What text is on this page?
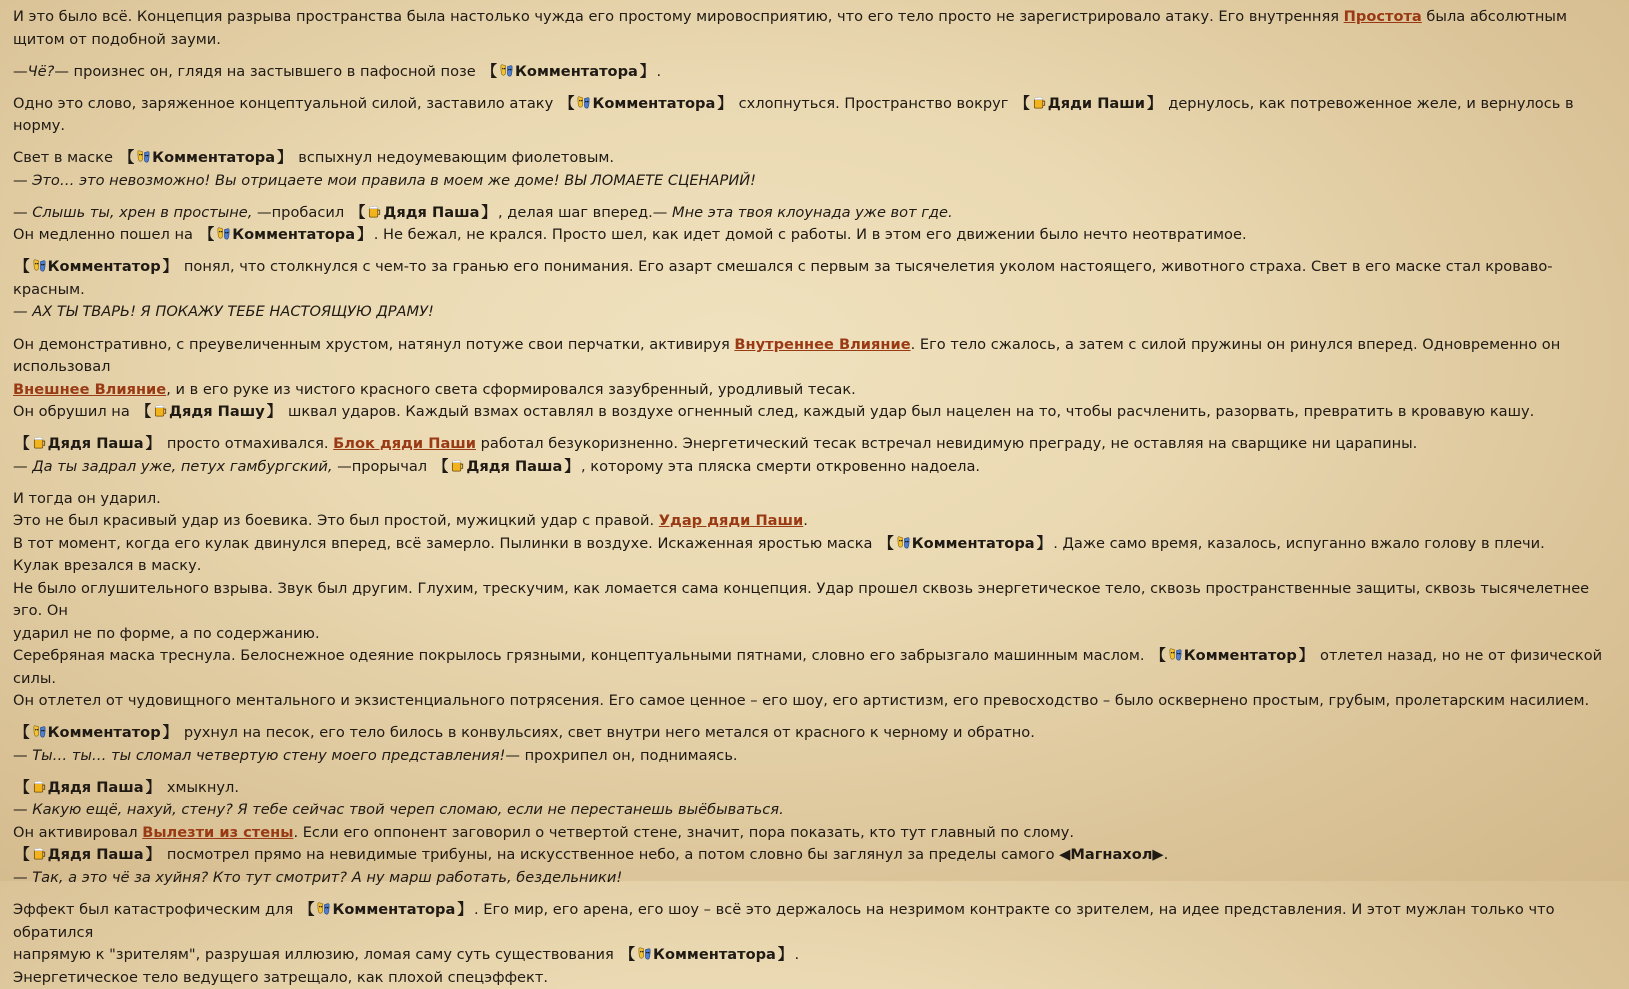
И это было всё. Концепция разрыва пространства была настолько чужда его простому мировосприятию, что его тело просто не зарегистрировало атаку. Его внутренняя Простота была абсолютным щитом от подобной зауми.

—Чё?— произнес он, глядя на застывшего в пафосной позе 【 Комментатора 】 .

Одно это слово, заряженное концептуальной силой, заставило атаку 【 Комментатора 】 схлопнуться. Пространство вокруг 【 Дяди Паши 】 дернулось, как потревоженное желе, и вернулось в норму.

Свет в маске 【 Комментатора 】 вспыхнул недоумевающим фиолетовым.
— Это… это невозможно! Вы отрицаете мои правила в моем же доме! ВЫ ЛОМАЕТЕ СЦЕНАРИЙ!

— Слышь ты, хрен в простыне, —пробасил 【 Дядя Паша 】 , делая шаг вперед.— Мне эта твоя клоунада уже вот где.
Он медленно пошел на 【 Комментатора 】 . Не бежал, не крался. Просто шел, как идет домой с работы. И в этом его движении было нечто неотвратимое.

【 Комментатор 】 понял, что столкнулся с чем-то за гранью его понимания. Его азарт смешался с первым за тысячелетия уколом настоящего, животного страха. Свет в его маске стал кроваво-красным.
— АХ ТЫ ТВАРЬ! Я ПОКАЖУ ТЕБЕ НАСТОЯЩУЮ ДРАМУ!

Он демонстративно, с преувеличенным хрустом, натянул потуже свои перчатки, активируя Внутреннее Влияние. Его тело сжалось, а затем с силой пружины он ринулся вперед. Одновременно он использовал
Внешнее Влияние, и в его руке из чистого красного света сформировался зазубренный, уродливый тесак.
Он обрушил на 【 Дядя Пашу 】 шквал ударов. Каждый взмах оставлял в воздухе огненный след, каждый удар был нацелен на то, чтобы расчленить, разорвать, превратить в кровавую кашу.

【 Дядя Паша 】 просто отмахивался. Блок дяди Паши работал безукоризненно. Энергетический тесак встречал невидимую преграду, не оставляя на сварщике ни царапины.
— Да ты задрал уже, петух гамбургский, —прорычал 【 Дядя Паша 】 , которому эта пляска смерти откровенно надоела.

И тогда он ударил.
Это не был красивый удар из боевика. Это был простой, мужицкий удар с правой. Удар дяди Паши.
В тот момент, когда его кулак двинулся вперед, всё замерло. Пылинки в воздухе. Искаженная яростью маска 【 Комментатора 】 . Даже само время, казалось, испуганно вжало голову в плечи.
Кулак врезался в маску.
Не было оглушительного взрыва. Звук был другим. Глухим, трескучим, как ломается сама концепция. Удар прошел сквозь энергетическое тело, сквозь пространственные защиты, сквозь тысячелетнее эго. Он
ударил не по форме, а по содержанию.
Серебряная маска треснула. Белоснежное одеяние покрылось грязными, концептуальными пятнами, словно его забрызгало машинным маслом. 【 Комментатор 】 отлетел назад, но не от физической силы.
Он отлетел от чудовищного ментального и экзистенциального потрясения. Его самое ценное – его шоу, его артистизм, его превосходство – было осквернено простым, грубым, пролетарским насилием.

【 Комментатор 】 рухнул на песок, его тело билось в конвульсиях, свет внутри него метался от красного к черному и обратно.
— Ты… ты… ты сломал четвертую стену моего представления!— прохрипел он, поднимаясь.

【 Дядя Паша 】 хмыкнул.
— Какую ещё, нахуй, стену? Я тебе сейчас твой череп сломаю, если не перестанешь выёбываться.
Он активировал Вылезти из стены. Если его оппонент заговорил о четвертой стене, значит, пора показать, кто тут главный по слому.
【 Дядя Паша 】 посмотрел прямо на невидимые трибуны, на искусственное небо, а потом словно бы заглянул за пределы самого ◀Магнахол▶.
— Так, а это чё за хуйня? Кто тут смотрит? А ну марш работать, бездельники!

Эффект был катастрофическим для 【 Комментатора 】 . Его мир, его арена, его шоу – всё это держалось на незримом контракте со зрителем, на идее представления. И этот мужлан только что обратился
напрямую к "зрителям", разрушая иллюзию, ломая саму суть существования 【 Комментатора 】 .
Энергетическое тело ведущего затрещало, как плохой спецэффект.
